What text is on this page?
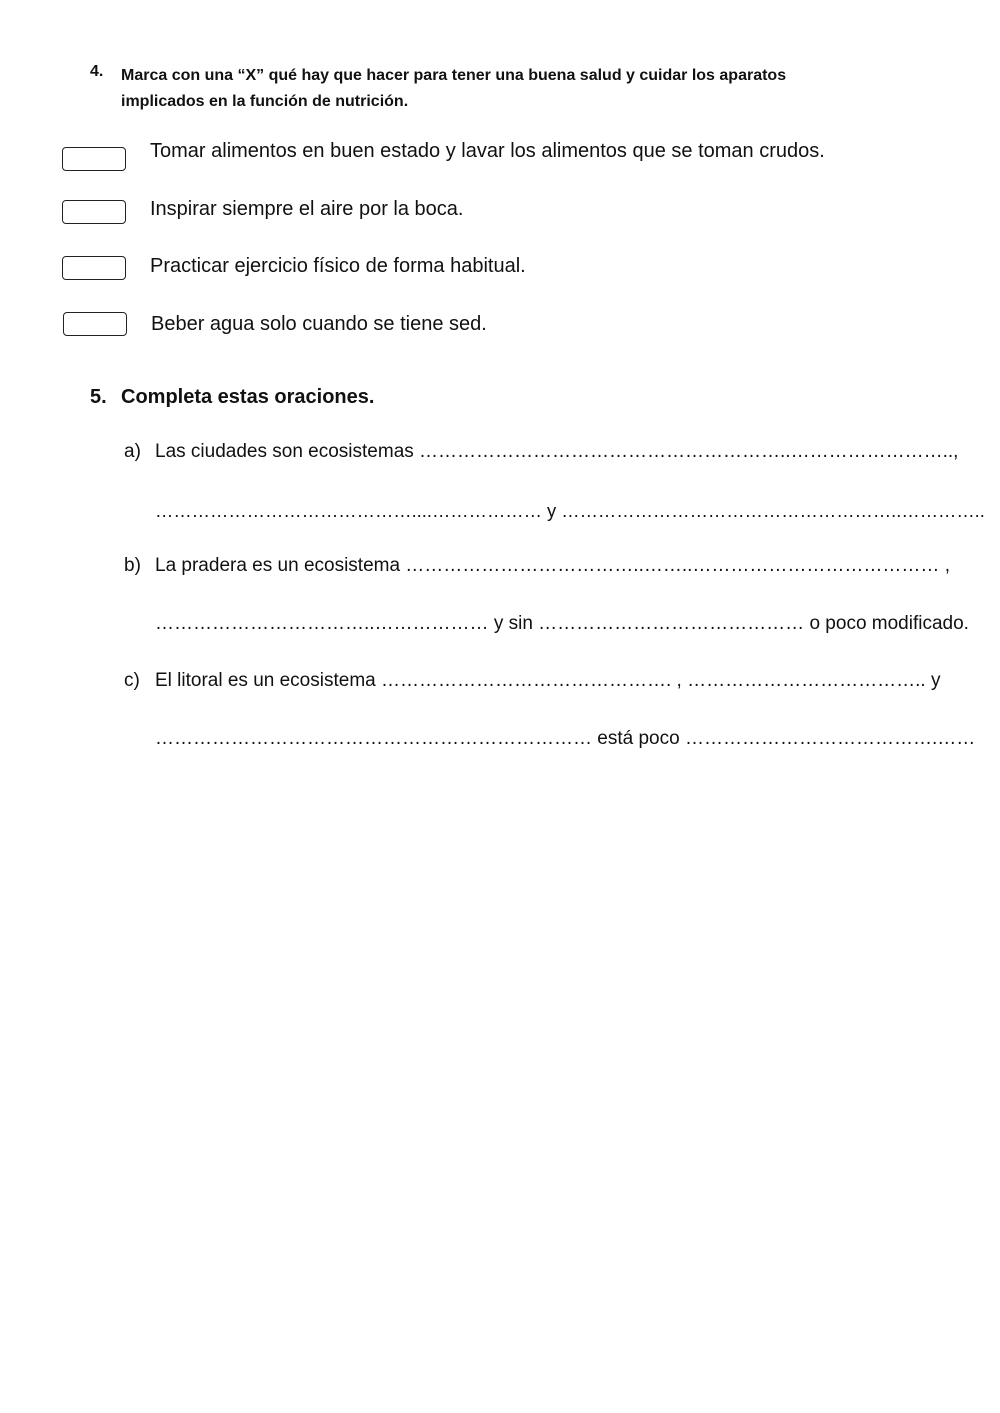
4. Marca con una “X” qué hay que hacer para tener una buena salud y cuidar los aparatos
implicados en la función de nutrición.
Tomar alimentos en buen estado y lavar los alimentos que se toman crudos.
Inspirar siempre el aire por la boca.
Practicar ejercicio físico de forma habitual.
Beber agua solo cuando se tiene sed.
5. Completa estas oraciones.
a) Las ciudades son ecosistemas …………………………………………………..……………………..,
……………………………………....……………… y ………………………………………………..…………..
b) La pradera es un ecosistema ………………………………..……..………………………………… ,
……………………………..……………… y sin …………………………………… o poco modificado.
c) El litoral es un ecosistema ………………………………………. , ……………………………….. y
…………………………………………………………… está poco ………………………………….……
